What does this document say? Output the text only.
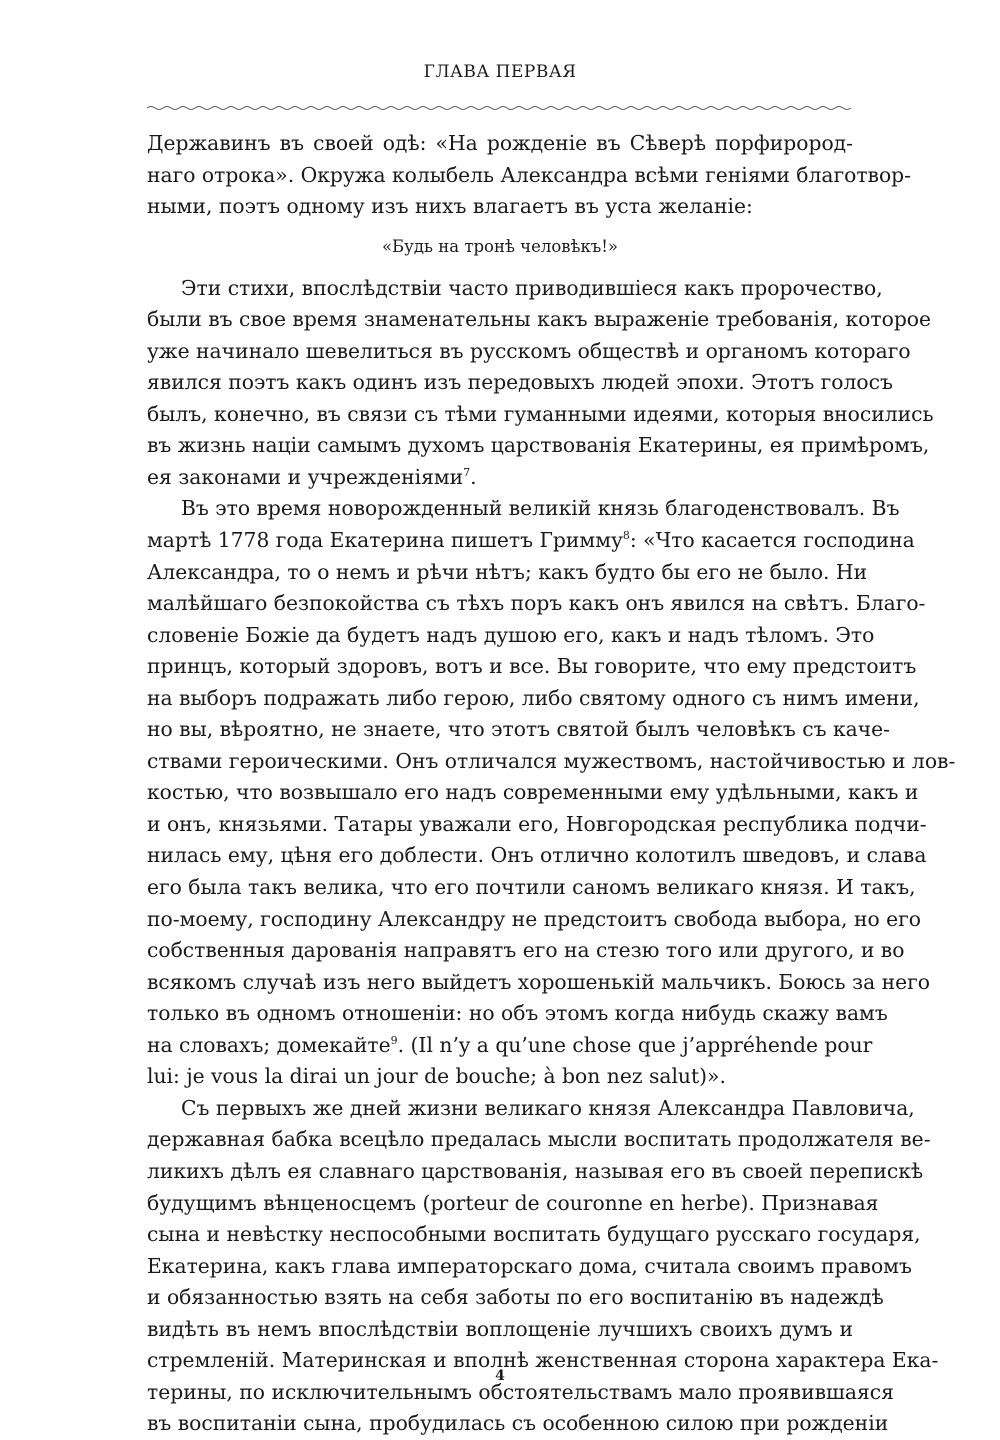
ГЛАВА ПЕРВАЯ

Державинъ въ своей одѣ: «На рожденіе въ Сѣверѣ порфирород-
наго отрока». Окружа колыбель Александра всѣми геніями благотвор-
ными, поэтъ одному изъ нихъ влагаетъ въ уста желаніе:

«Будь на тронѣ человѣкъ!»

Эти стихи, впослѣдствіи часто приводившіеся какъ пророчество,
были въ свое время знаменательны какъ выраженіе требованія, которое
уже начинало шевелиться въ русскомъ обществѣ и органомъ котораго
явился поэтъ какъ одинъ изъ передовыхъ людей эпохи. Этотъ голосъ
былъ, конечно, въ связи съ тѣми гуманными идеями, которыя вносились
въ жизнь націи самымъ духомъ царствованія Екатерины, ея примѣромъ,
ея законами и учрежденіями$^7$.

Въ это время новорожденный великій князь благоденствовалъ. Въ
мартѣ 1778 года Екатерина пишетъ Гримму$^8$: «Что касается господина
Александра, то о немъ и рѣчи нѣтъ; какъ будто бы его не было. Ни
малѣйшаго безпокойства съ тѣхъ поръ какъ онъ явился на свѣтъ. Благо-
словеніе Божіе да будетъ надъ душою его, какъ и надъ тѣломъ. Это
принцъ, который здоровъ, вотъ и все. Вы говорите, что ему предстоитъ
на выборъ подражать либо герою, либо святому одного съ нимъ имени,
но вы, вѣроятно, не знаете, что этотъ святой былъ человѣкъ съ каче-
ствами героическими. Онъ отличался мужествомъ, настойчивостью и лов-
костью, что возвышало его надъ современными ему удѣльными, какъ и
и онъ, князьями. Татары уважали его, Новгородская республика подчи-
нилась ему, цѣня его доблести. Онъ отлично колотилъ шведовъ, и слава
его была такъ велика, что его почтили саномъ великаго князя. И такъ,
по-моему, господину Александру не предстоитъ свобода выбора, но его
собственныя дарованія направятъ его на стезю того или другого, и во
всякомъ случаѣ изъ него выйдетъ хорошенькій мальчикъ. Боюсь за него
только въ одномъ отношеніи: но объ этомъ когда нибудь скажу вамъ
на словахъ; домекайте$^9$. (Il n’y a qu’une chose que j’appréhende pour
lui: je vous la dirai un jour de bouche; à bon nez salut)».

Съ первыхъ же дней жизни великаго князя Александра Павловича,
державная бабка всецѣло предалась мысли воспитать продолжателя ве-
ликихъ дѣлъ ея славнаго царствованія, называя его въ своей перепискѣ
будущимъ вѣнценосцемъ (porteur de couronne en herbe). Признавая
сына и невѣстку неспособными воспитать будущаго русскаго государя,
Екатерина, какъ глава императорскаго дома, считала своимъ правомъ
и обязанностью взять на себя заботы по его воспитанію въ надеждѣ
видѣть въ немъ впослѣдствіи воплощеніе лучшихъ своихъ думъ и
стремленій. Материнская и вполнѣ женственная сторона характера Ека-
терины, по исключительнымъ обстоятельствамъ мало проявившаяся
въ воспитаніи сына, пробудилась съ особенною силою при рожденіи

4
